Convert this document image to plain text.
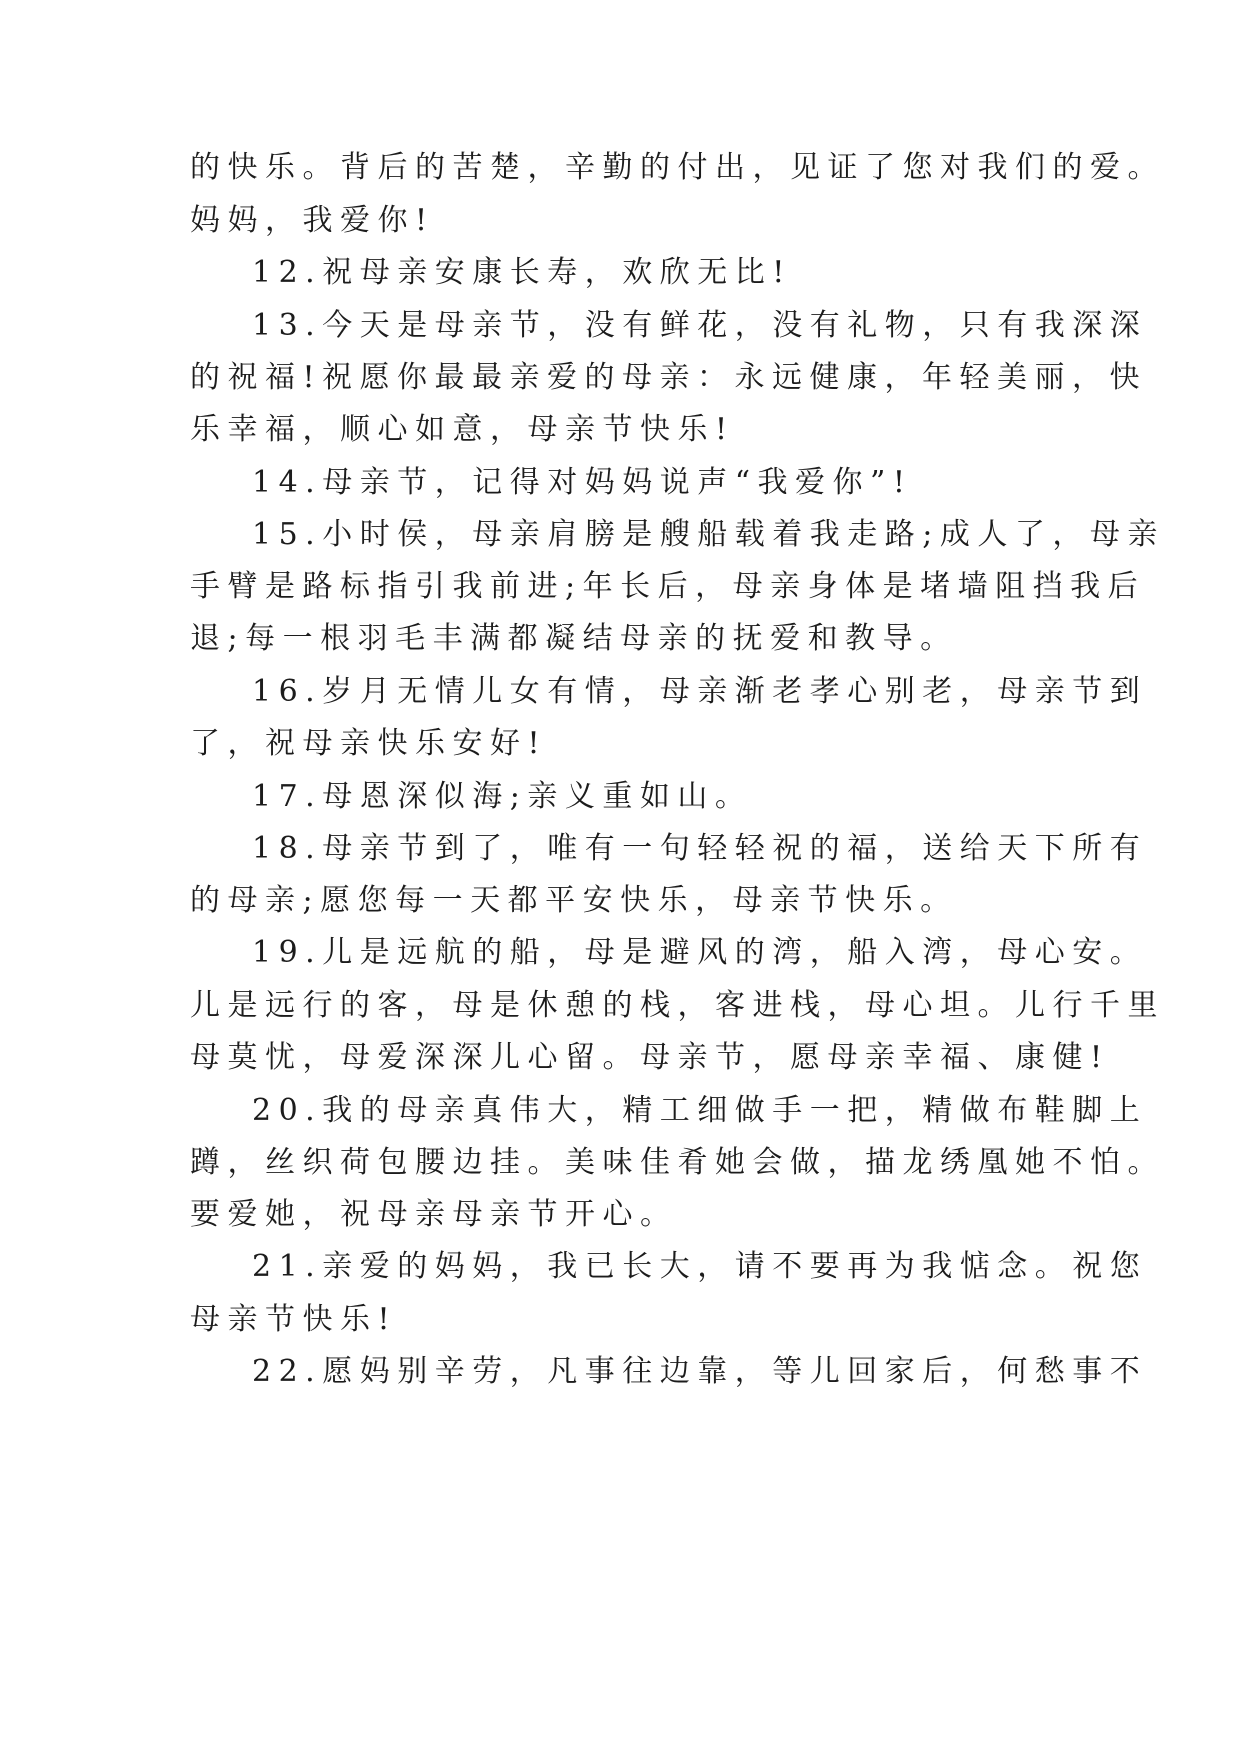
的快乐。背后的苦楚，辛勤的付出，见证了您对我们的爱。

妈妈，我爱你!

12.祝母亲安康长寿，欢欣无比!

13.今天是母亲节，没有鲜花，没有礼物，只有我深深

的祝福!祝愿你最最亲爱的母亲：永远健康，年轻美丽，快

乐幸福，顺心如意，母亲节快乐!

14.母亲节，记得对妈妈说声“我爱你”!

15.小时侯，母亲肩膀是艘船载着我走路;成人了，母亲

手臂是路标指引我前进;年长后，母亲身体是堵墙阻挡我后

退;每一根羽毛丰满都凝结母亲的抚爱和教导。

16.岁月无情儿女有情，母亲渐老孝心别老，母亲节到

了，祝母亲快乐安好!

17.母恩深似海;亲义重如山。

18.母亲节到了，唯有一句轻轻祝的福，送给天下所有

的母亲;愿您每一天都平安快乐，母亲节快乐。

19.儿是远航的船，母是避风的湾，船入湾，母心安。

儿是远行的客，母是休憩的栈，客进栈，母心坦。儿行千里

母莫忧，母爱深深儿心留。母亲节，愿母亲幸福、康健!

20.我的母亲真伟大，精工细做手一把，精做布鞋脚上

蹲，丝织荷包腰边挂。美味佳肴她会做，描龙绣凰她不怕。

要爱她，祝母亲母亲节开心。

21.亲爱的妈妈，我已长大，请不要再为我惦念。祝您

母亲节快乐!

22.愿妈别辛劳，凡事往边靠，等儿回家后，何愁事不
